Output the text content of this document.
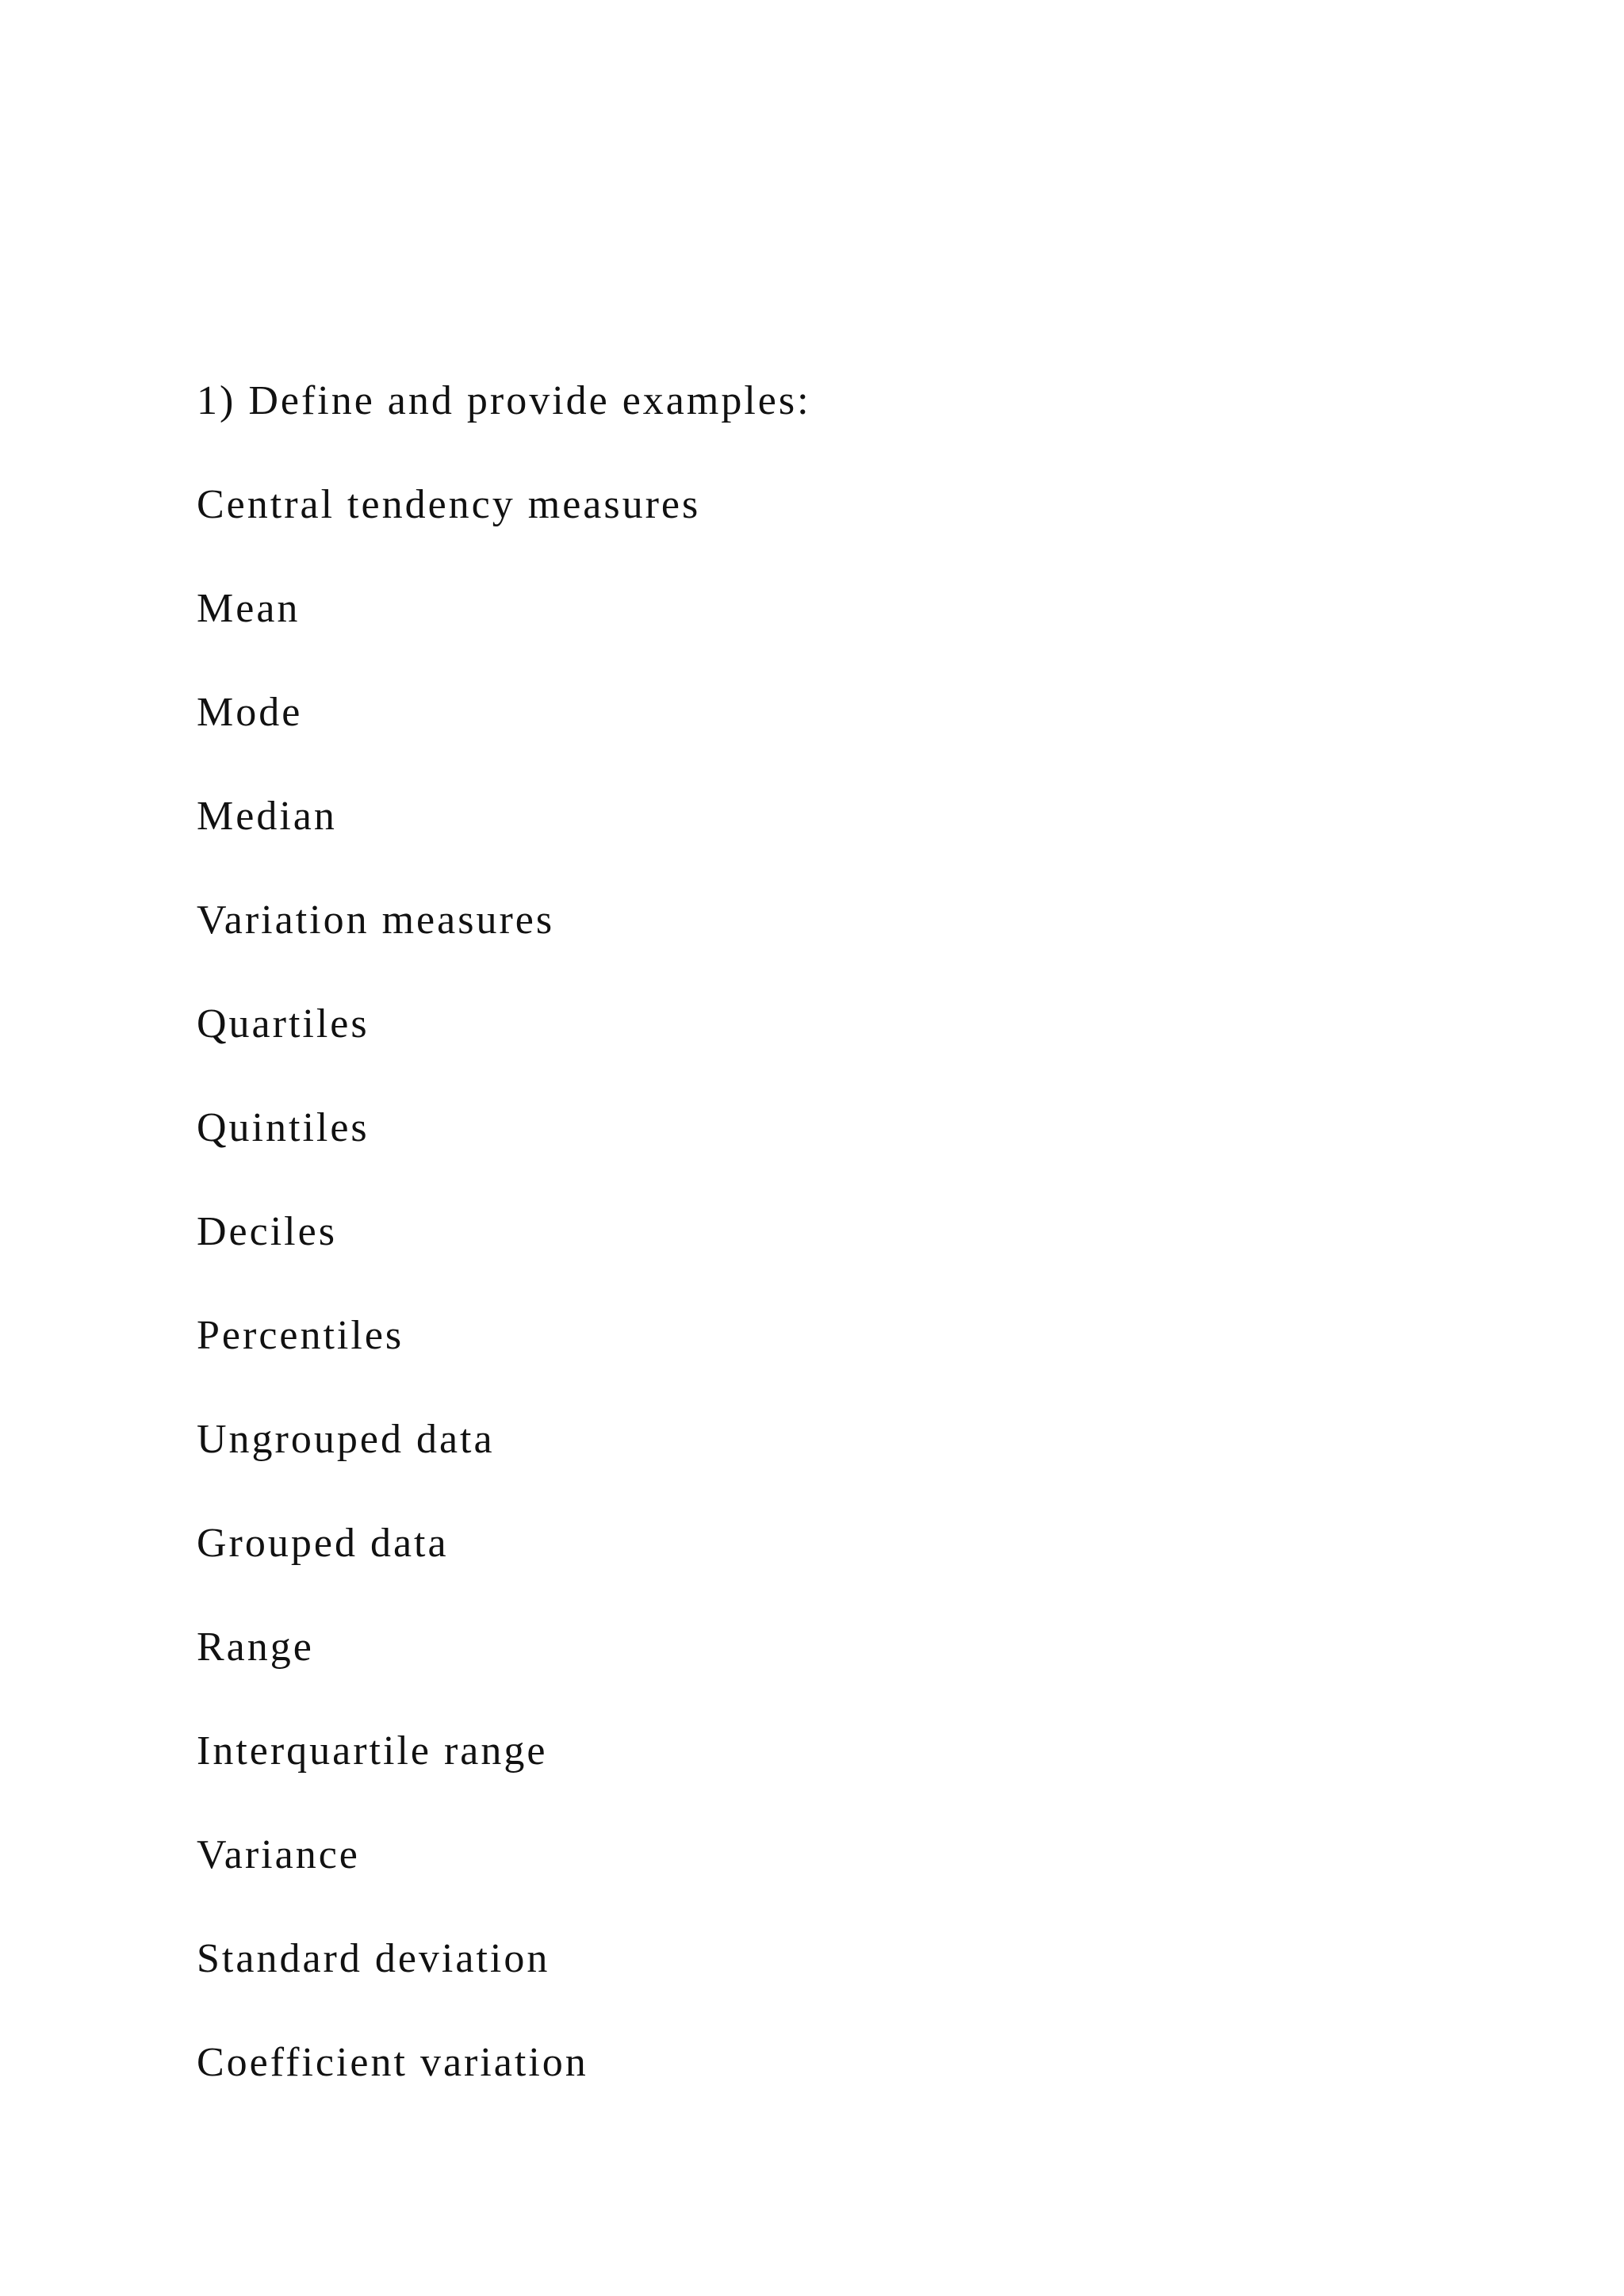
1) Define and provide examples:
Central tendency measures
Mean
Mode
Median
Variation measures
Quartiles
Quintiles
Deciles
Percentiles
Ungrouped data
Grouped data
Range
Interquartile range
Variance
Standard deviation
Coefficient variation
